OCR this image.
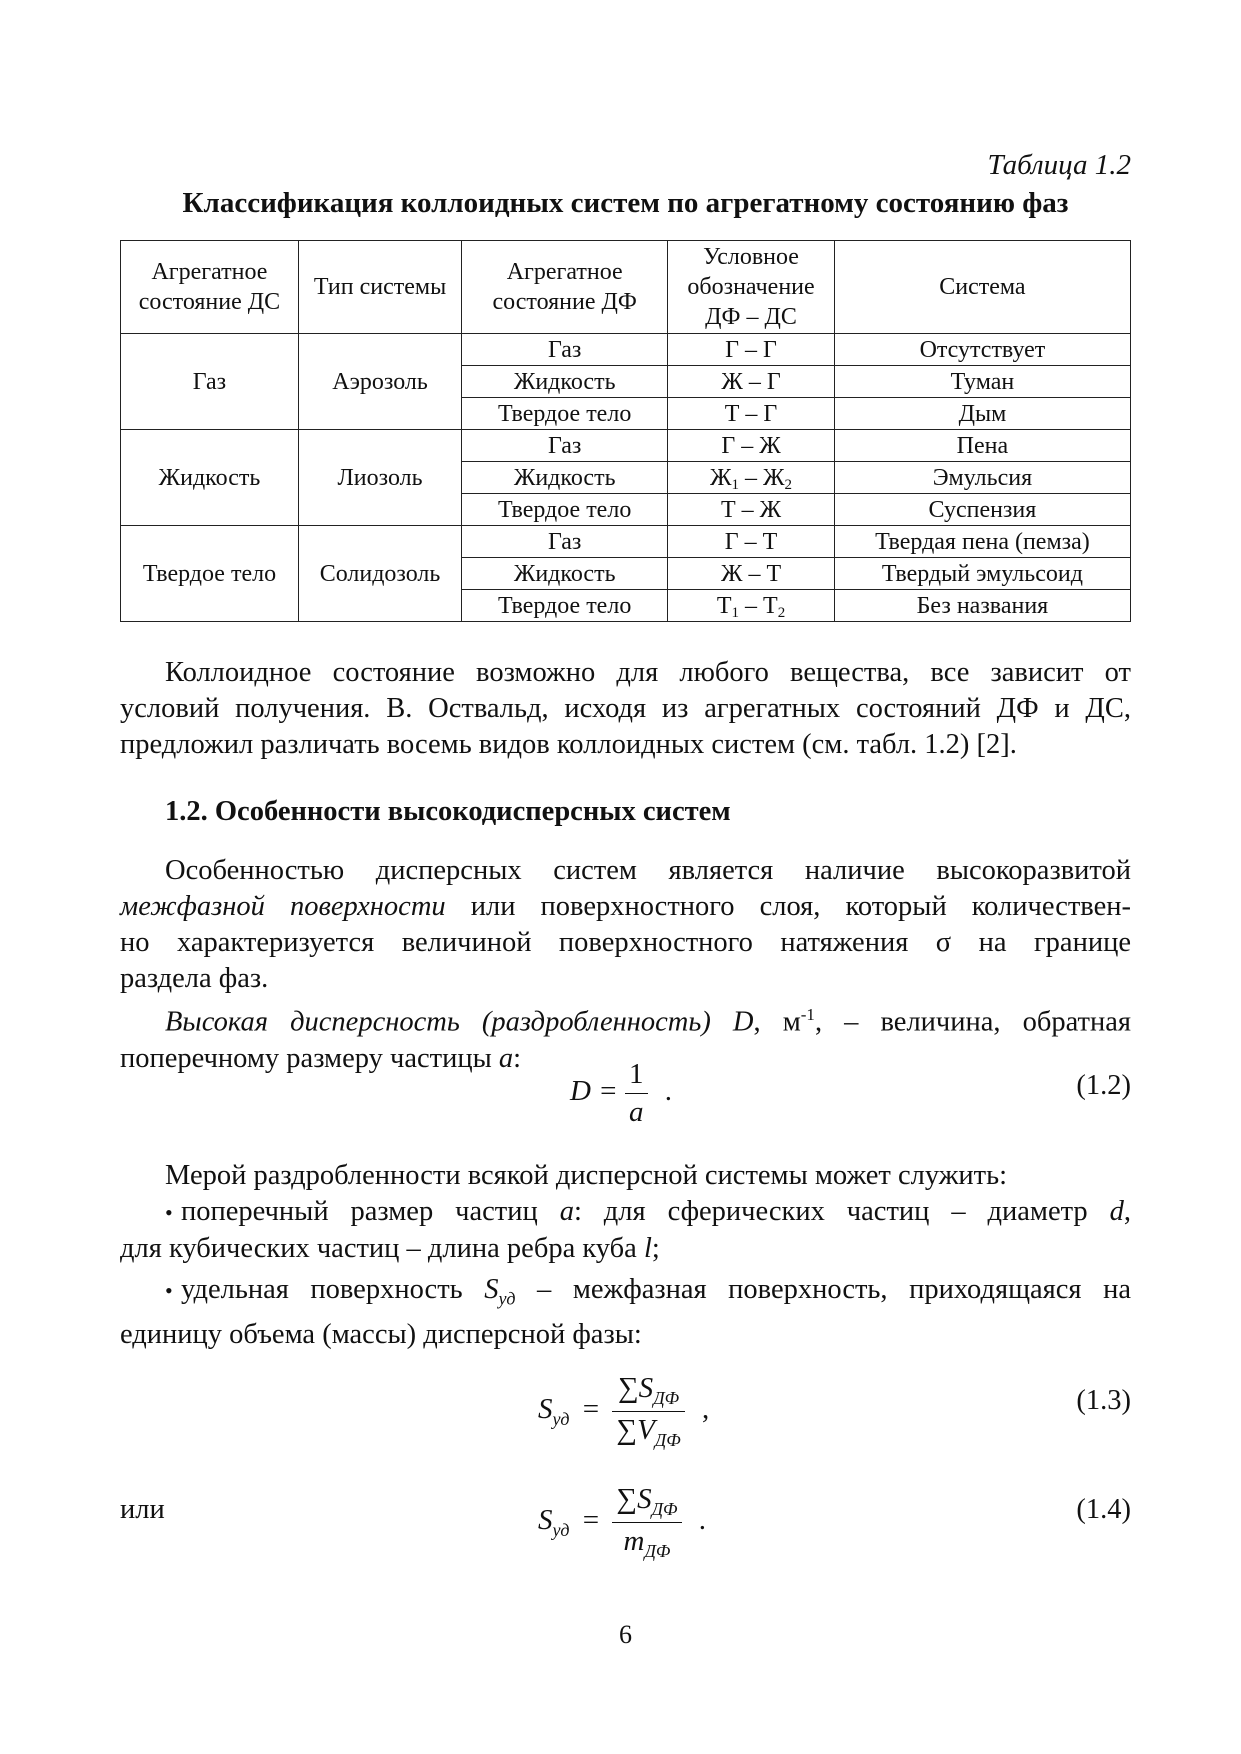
Таблица 1.2
Классификация коллоидных систем по агрегатному состоянию фаз
Агрегатное состояние ДС	Тип системы	Агрегатное состояние ДФ	Условное обозначение ДФ – ДС	Система
Газ	Аэрозоль	Газ	Г – Г	Отсутствует
		Жидкость	Ж – Г	Туман
		Твердое тело	Т – Г	Дым
Жидкость	Лиозоль	Газ	Г – Ж	Пена
		Жидкость	$Ж_1 - Ж_2$	Эмульсия
		Твердое тело	Т – Ж	Суспензия
Твердое тело	Солидозоль	Газ	Г – Т	Твердая пена (пемза)
		Жидкость	Ж – Т	Твердый эмульсоид
		Твердое тело	$Т_1 - Т_2$	Без названия
Коллоидное состояние возможно для любого вещества, все зависит от
условий получения. В. Оствальд, исходя из агрегатных состояний ДФ и ДС,
предложил различать восемь видов коллоидных систем (см. табл. 1.2) [2].
1.2. Особенности высокодисперсных систем
Особенностью дисперсных систем является наличие высокоразвитой
межфазной поверхности или поверхностного слоя, который количествен-
но характеризуется величиной поверхностного натяжения σ на границе
раздела фаз.
Высокая дисперсность (раздробленность) D, $м^{-1}$, – величина, обратная
поперечному размеру частицы a:
$D = \frac{1}{a}$ .	(1.2)
Мерой раздробленности всякой дисперсной системы может служить:
• поперечный размер частиц a: для сферических частиц – диаметр d,
для кубических частиц – длина ребра куба l;
• удельная поверхность $S_{уд}$ – межфазная поверхность, приходящаяся на
единицу объема (массы) дисперсной фазы:
$S_{уд} = \frac{\sum S_{ДФ}}{\sum V_{ДФ}}$ ,	(1.3)
или	$S_{уд} = \frac{\sum S_{ДФ}}{m_{ДФ}}$ .	(1.4)
6
